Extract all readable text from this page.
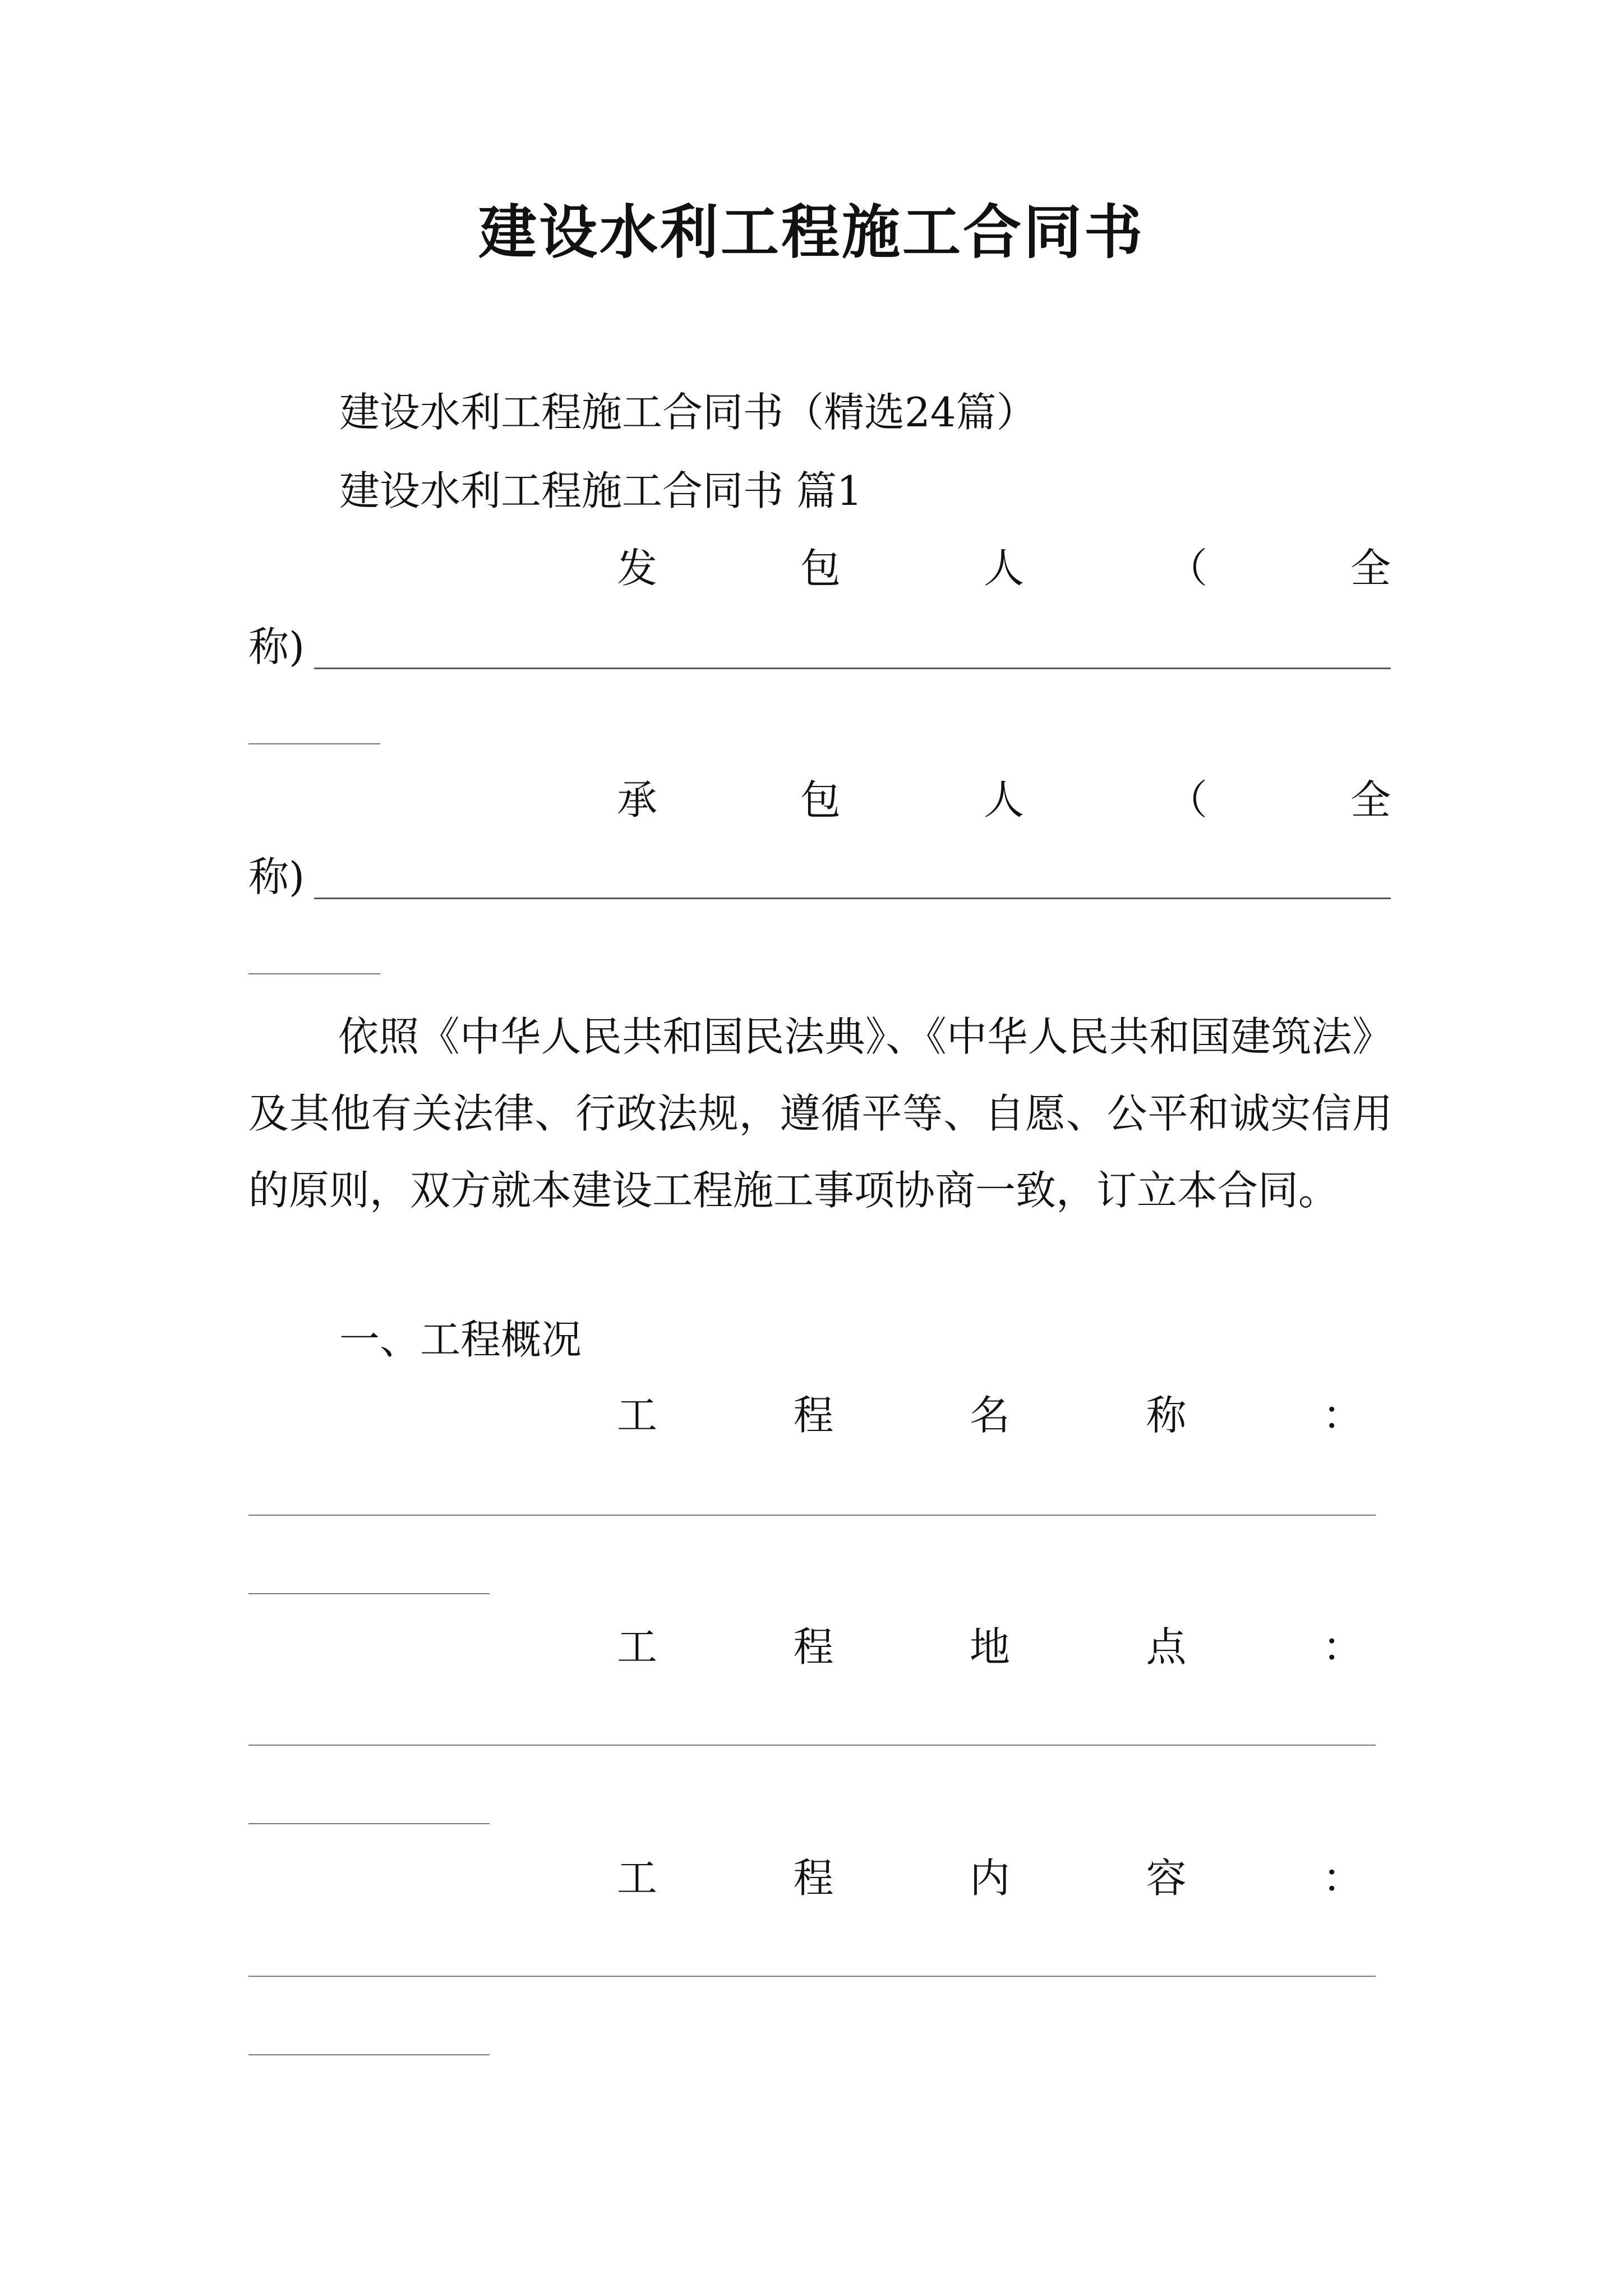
建设水利工程施工合同书
建设水利工程施工合同书（精选24篇）
建设水利工程施工合同书 篇1
发	包	人	（	全
称)
承	包	人	（	全
称)

依照《中华人民共和国民法典》、《中华人民共和国建筑法》及其他有关法律、行政法规，遵循平等、自愿、公平和诚实信用的原则，双方就本建设工程施工事项协商一致，订立本合同。

一、工程概况
工	程	名	称	：
工	程	地	点	：
工	程	内	容	：
